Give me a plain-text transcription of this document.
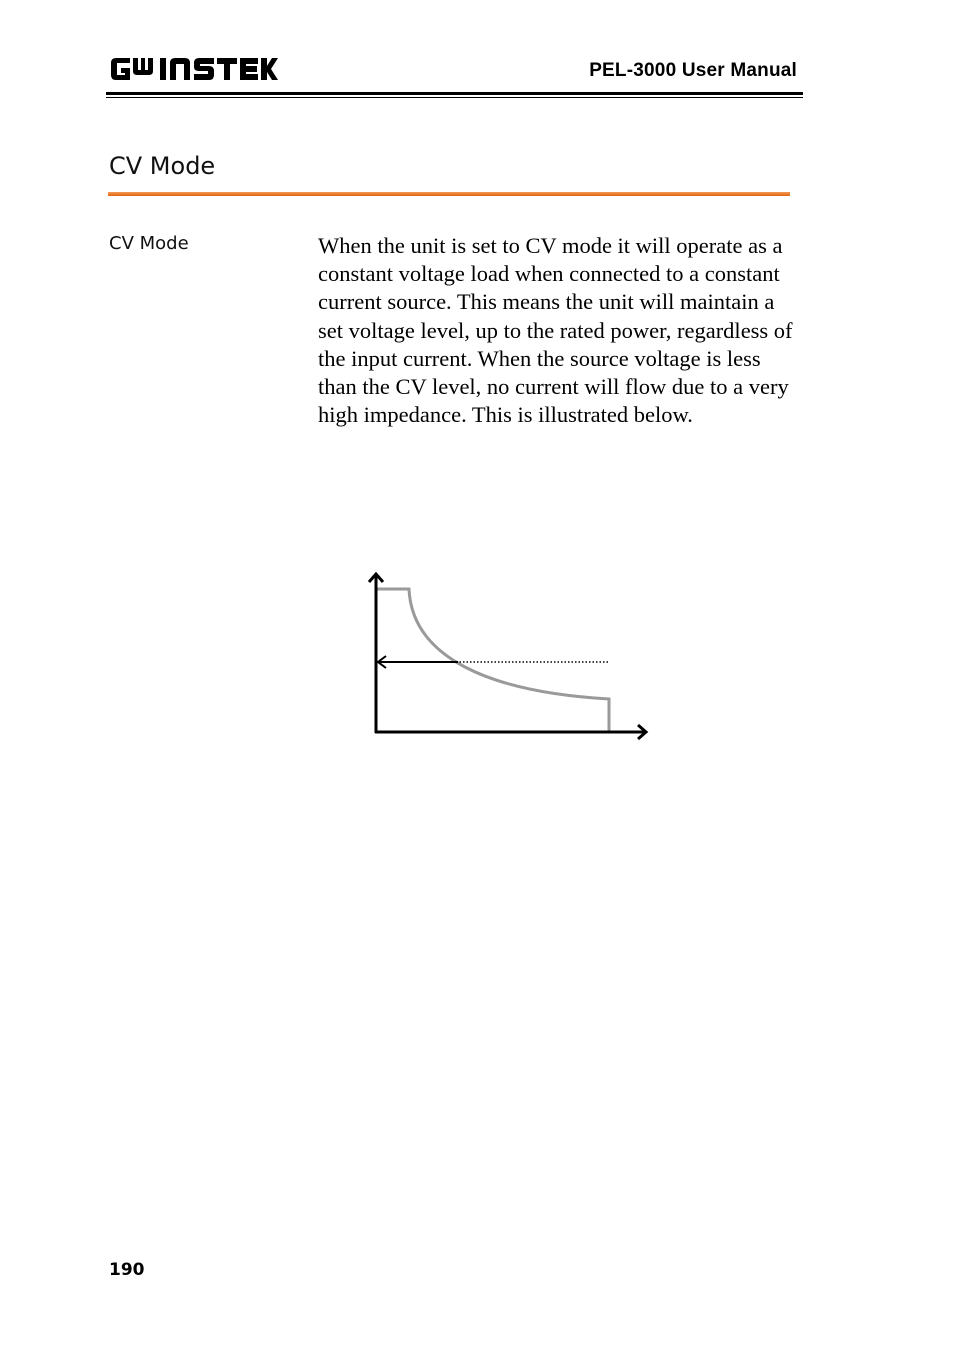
PEL-3000 User Manual
CV Mode
CV Mode	When the unit is set to CV mode it will operate as a constant voltage load when connected to a constant current source. This means the unit will maintain a set voltage level, up to the rated power, regardless of the input current. When the source voltage is less than the CV level, no current will flow due to a very high impedance. This is illustrated below.
190
